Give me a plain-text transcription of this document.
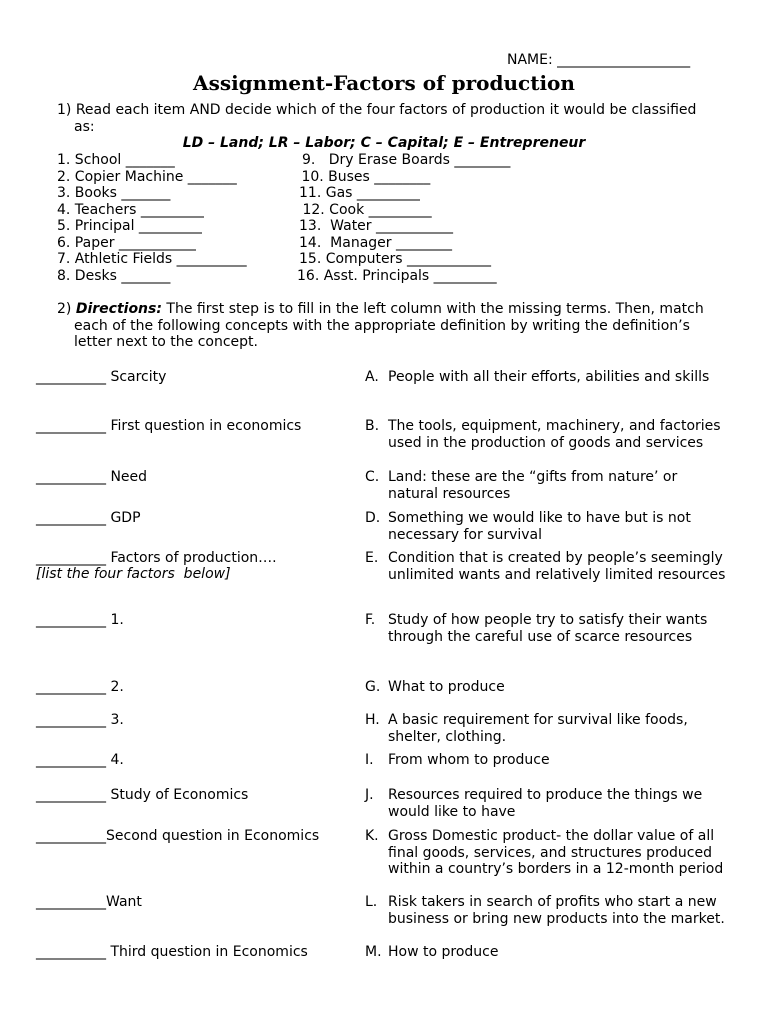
NAME: ___________________
Assignment-Factors of production
1) Read each item AND decide which of the four factors of production it would be classified
as:
LD – Land; LR – Labor; C – Capital; E – Entrepreneur
1. School _______
2. Copier Machine _______
3. Books _______
4. Teachers _________
5. Principal _________
6. Paper ___________
7. Athletic Fields __________
8. Desks _______
9.   Dry Erase Boards ________
10. Buses ________
11. Gas _________
12. Cook _________
13.  Water ___________
14.  Manager ________
15. Computers ____________
16. Asst. Principals _________
2) Directions: The first step is to fill in the left column with the missing terms. Then, match
each of the following concepts with the appropriate definition by writing the definition’s
letter next to the concept.
__________ Scarcity
__________ First question in economics
__________ Need
__________ GDP
__________ Factors of production….
[list the four factors  below]
__________ 1.
__________ 2.
__________ 3.
__________ 4.
__________ Study of Economics
__________Second question in Economics
__________Want
__________ Third question in Economics
A. People with all their efforts, abilities and skills
B. The tools, equipment, machinery, and factories used in the production of goods and services
C. Land: these are the “gifts from nature’ or natural resources
D. Something we would like to have but is not necessary for survival
E. Condition that is created by people’s seemingly unlimited wants and relatively limited resources
F. Study of how people try to satisfy their wants through the careful use of scarce resources
G. What to produce
H. A basic requirement for survival like foods, shelter, clothing.
I. From whom to produce
J. Resources required to produce the things we would like to have
K. Gross Domestic product- the dollar value of all final goods, services, and structures produced within a country’s borders in a 12-month period
L. Risk takers in search of profits who start a new business or bring new products into the market.
M. How to produce
